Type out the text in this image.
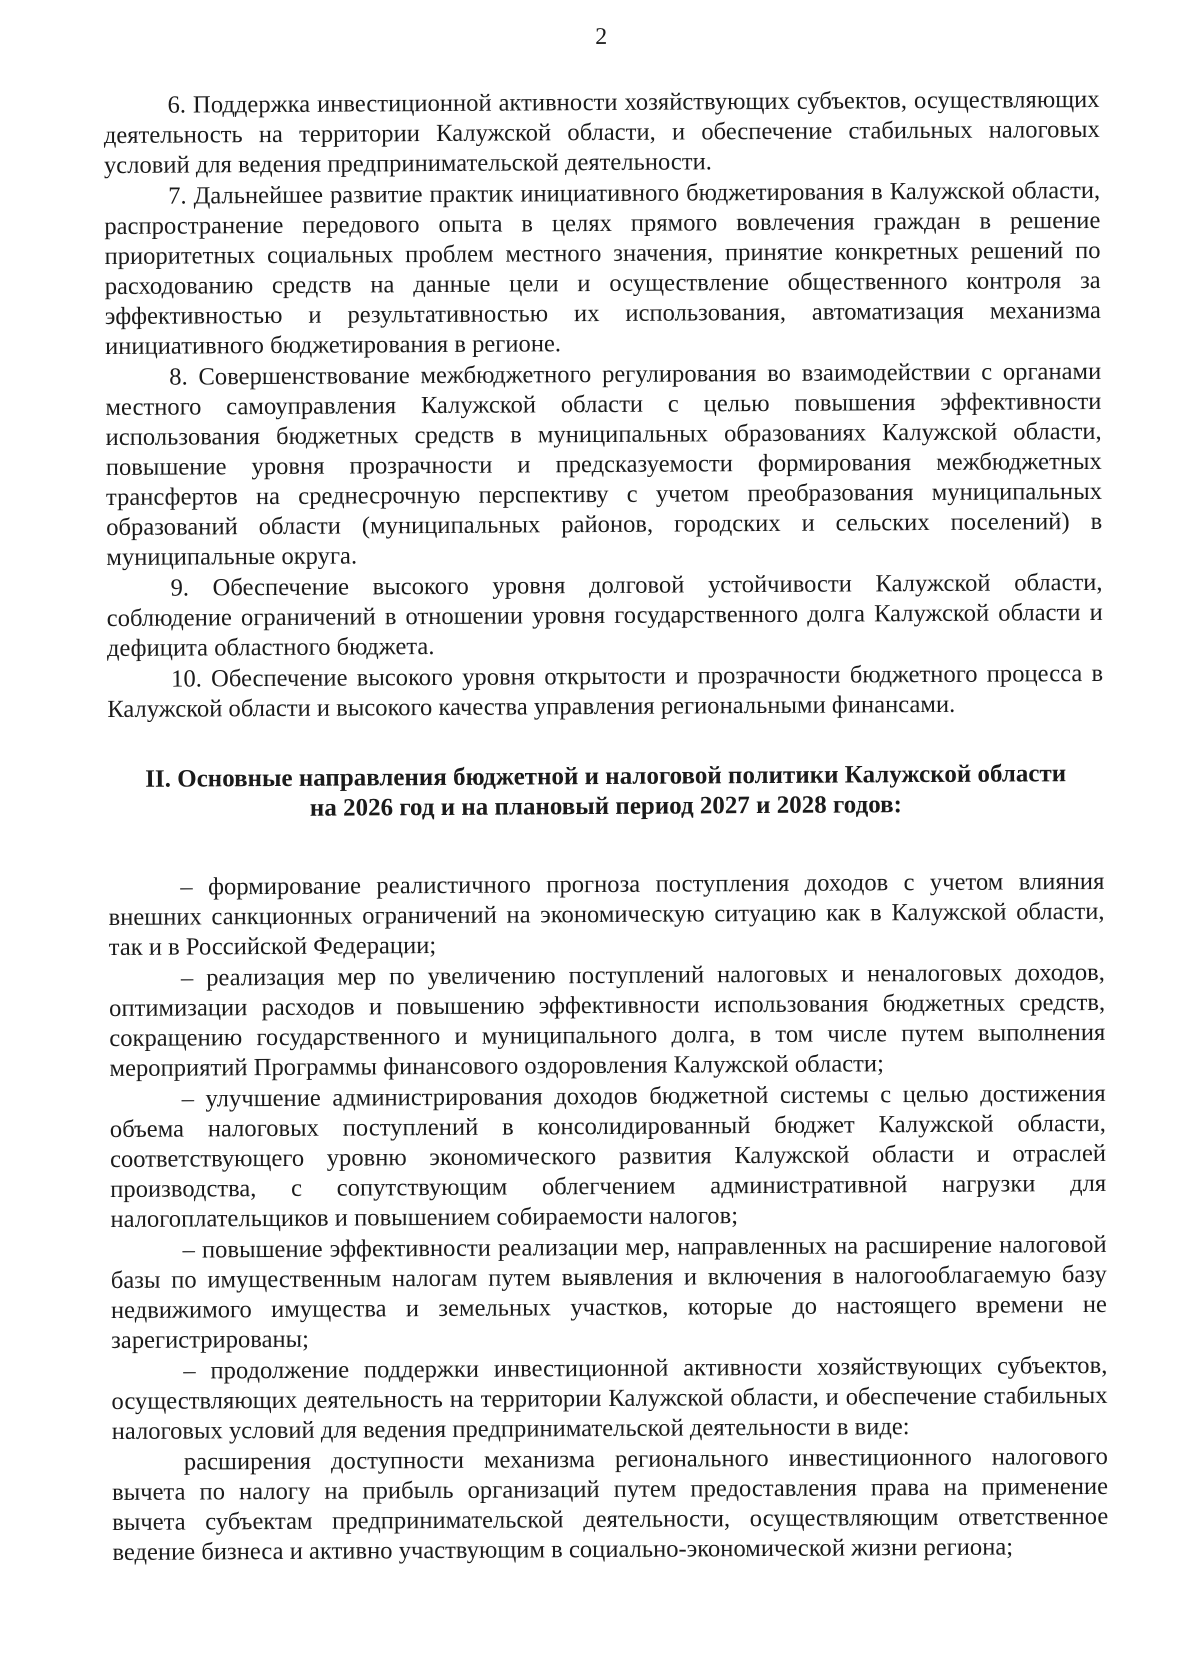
2

6. Поддержка инвестиционной активности хозяйствующих субъектов, осуществляющих деятельность на территории Калужской области, и обеспечение стабильных налоговых условий для ведения предпринимательской деятельности.

7. Дальнейшее развитие практик инициативного бюджетирования в Калужской области, распространение передового опыта в целях прямого вовлечения граждан в решение приоритетных социальных проблем местного значения, принятие конкретных решений по расходованию средств на данные цели и осуществление общественного контроля за эффективностью и результативностью их использования, автоматизация механизма инициативного бюджетирования в регионе.

8. Совершенствование межбюджетного регулирования во взаимодействии с органами местного самоуправления Калужской области с целью повышения эффективности использования бюджетных средств в муниципальных образованиях Калужской области, повышение уровня прозрачности и предсказуемости формирования межбюджетных трансфертов на среднесрочную перспективу с учетом преобразования муниципальных образований области (муниципальных районов, городских и сельских поселений) в муниципальные округа.

9. Обеспечение высокого уровня долговой устойчивости Калужской области, соблюдение ограничений в отношении уровня государственного долга Калужской области и дефицита областного бюджета.

10. Обеспечение высокого уровня открытости и прозрачности бюджетного процесса в Калужской области и высокого качества управления региональными финансами.

II. Основные направления бюджетной и налоговой политики Калужской области
на 2026 год и на плановый период 2027 и 2028 годов:

– формирование реалистичного прогноза поступления доходов с учетом влияния внешних санкционных ограничений на экономическую ситуацию как в Калужской области, так и в Российской Федерации;

– реализация мер по увеличению поступлений налоговых и неналоговых доходов, оптимизации расходов и повышению эффективности использования бюджетных средств, сокращению государственного и муниципального долга, в том числе путем выполнения мероприятий Программы финансового оздоровления Калужской области;

– улучшение администрирования доходов бюджетной системы с целью достижения объема налоговых поступлений в консолидированный бюджет Калужской области, соответствующего уровню экономического развития Калужской области и отраслей производства, с сопутствующим облегчением административной нагрузки для налогоплательщиков и повышением собираемости налогов;

– повышение эффективности реализации мер, направленных на расширение налоговой базы по имущественным налогам путем выявления и включения в налогооблагаемую базу недвижимого имущества и земельных участков, которые до настоящего времени не зарегистрированы;

– продолжение поддержки инвестиционной активности хозяйствующих субъектов, осуществляющих деятельность на территории Калужской области, и обеспечение стабильных налоговых условий для ведения предпринимательской деятельности в виде:

расширения доступности механизма регионального инвестиционного налогового вычета по налогу на прибыль организаций путем предоставления права на применение вычета субъектам предпринимательской деятельности, осуществляющим ответственное ведение бизнеса и активно участвующим в социально-экономической жизни региона;
